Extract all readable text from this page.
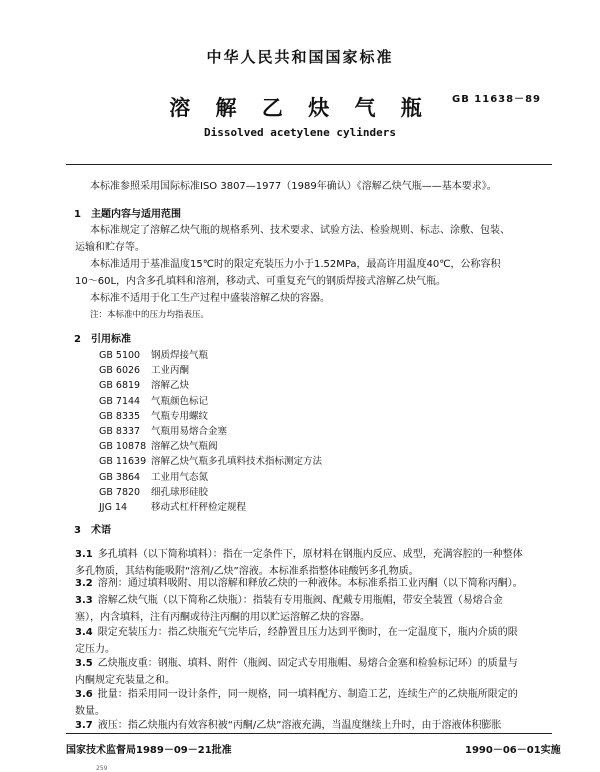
中华人民共和国国家标准
溶 解 乙 炔 气 瓶	GB 11638－89
Dissolved acetylene cylinders
本标准参照采用国际标准ISO 3807—1977（1989年确认）《溶解乙炔气瓶——基本要求》。
1　主题内容与适用范围
本标准规定了溶解乙炔气瓶的规格系列、技术要求、试验方法、检验规则、标志、涂敷、包装、
运输和贮存等。
本标准适用于基准温度15℃时的限定充装压力小于1.52MPa，最高许用温度40℃，公称容积
10～60L，内含多孔填料和溶剂，移动式、可重复充气的钢质焊接式溶解乙炔气瓶。
本标准不适用于化工生产过程中盛装溶解乙炔的容器。
注：本标准中的压力均指表压。
2　引用标准
GB 5100 钢质焊接气瓶
GB 6026 工业丙酮
GB 6819 溶解乙炔
GB 7144 气瓶颜色标记
GB 8335 气瓶专用螺纹
GB 8337 气瓶用易熔合金塞
GB 10878 溶解乙炔气瓶阀
GB 11639 溶解乙炔气瓶多孔填料技术指标测定方法
GB 3864 工业用气态氮
GB 7820 细孔球形硅胶
JJG 14	移动式杠杆秤检定规程
3　术语
3.1 多孔填料（以下简称填料）：指在一定条件下，原材料在钢瓶内反应、成型，充满容腔的一种整体
多孔物质，其结构能吸附“溶剂/乙炔”溶液。本标准系指整体硅酸钙多孔物质。
3.2 溶剂：通过填料吸附、用以溶解和释放乙炔的一种液体。本标准系指工业丙酮（以下简称丙酮）。
3.3 溶解乙炔气瓶（以下简称乙炔瓶）：指装有专用瓶阀、配戴专用瓶帽，带安全装置（易熔合金
塞），内含填料，注有丙酮或待注丙酮的用以贮运溶解乙炔的容器。
3.4 限定充装压力：指乙炔瓶充气完毕后，经静置且压力达到平衡时，在一定温度下，瓶内介质的限
定压力。
3.5 乙炔瓶皮重：钢瓶、填料、附件（瓶阀、固定式专用瓶帽、易熔合金塞和检验标记环）的质量与
内酮规定充装量之和。
3.6 批量：指采用同一设计条件，同一规格，同一填料配方、制造工艺，连续生产的乙炔瓶所限定的
数量。
3.7 液压：指乙炔瓶内有效容积被“丙酮/乙炔”溶液充满，当温度继续上升时，由于溶液体积膨胀
国家技术监督局1989－09－21批准	1990－06－01实施
259
